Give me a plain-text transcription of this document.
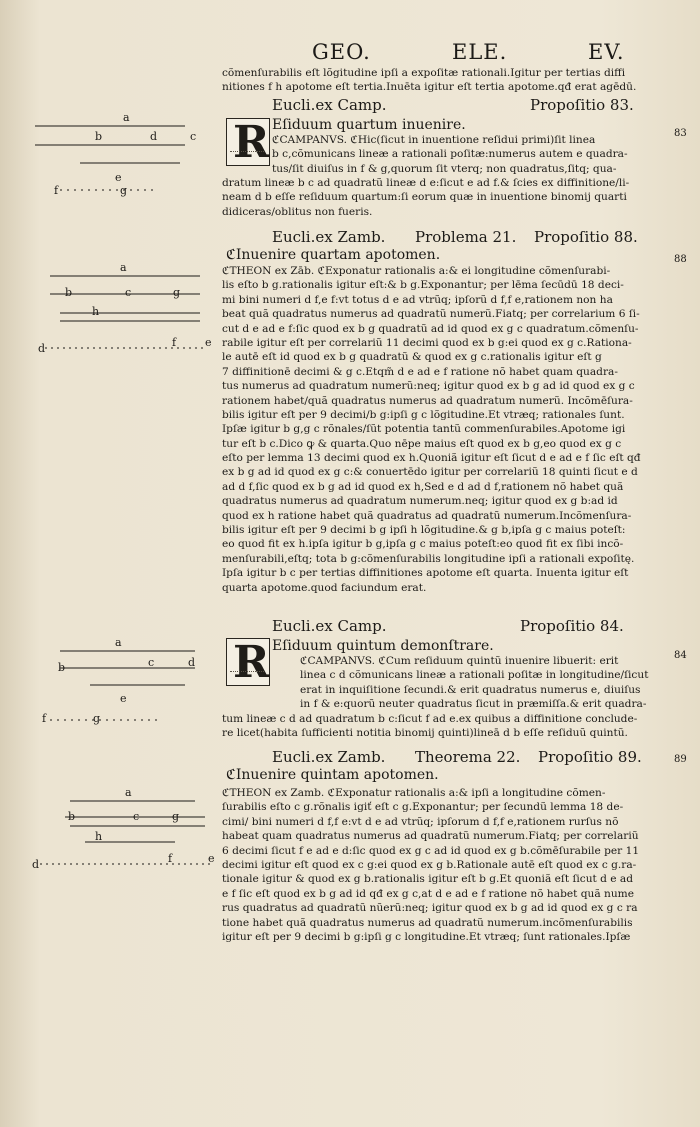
GEO.	ELE.	EV.
cõmenſurabilis eſt lõgitudine ipſi a expoſitæ rationali.Igitur per tertias diffi
nitiones f h apotome eſt tertia.Inuēta igitur eſt tertia apotome.qđ erat agēdū.
Eucli.ex Camp.	Propoſitio 83.
R Eſiduum quartum inuenire.
ℭCAMPANVS. ℭHic(ſicut in inuentione reſidui primi)ſit linea
b c,cõmunicans lineæ a rationali poſitæ:numerus autem e quadra-
tus/ſit diuiſus in f & g,quorum ſit vterq; non quadratus,ſitq; qua-
dratum lineæ b c ad quadratũ lineæ d e:ſicut e ad f.& ſcies ex diffinitione/li-
neam d b eſſe reſiduum quartum:ſi eorum quæ in inuentione binomij quarti
didiceras/oblitus non fueris.
83
Eucli.ex Zamb. Problema 21. Propoſitio 88.
88
ℭInuenire quartam apotomen.
ℭTHEON ex Zāb. ℭExponatur rationalis a:& ei longitudine cõmenſurabi-
lis eſto b g.rationalis igitur eſt:& b g.Exponantur; per lēma ſecūdū 18 deci-
mi bini numeri d f,e f:vt totus d e ad vtrũq; ipſorũ d f,f e,rationem non ha
beat quã quadratus numerus ad quadratũ numerũ.Fiatq; per correlarium 6 ſi-
cut d e ad e f:ſic quod ex b g quadratũ ad id quod ex g c quadratum.cõmenſu-
rabile igitur eſt per correlariũ 11 decimi quod ex b g:ei quod ex g c.Rationa-
le autē eſt id quod ex b g quadratũ & quod ex g c.rationalis igitur eſt g
7 diffinitionē decimi & g c.Etqm̃ d e ad e f ratione nõ habet quam quadra-
tus numerus ad quadratum numerũ:neq; igitur quod ex b g ad id quod ex g c
rationem habet/quã quadratus numerus ad quadratum numerũ. Incõmēſura-
bilis igitur eſt per 9 decimi/b g:ipſi g c lõgitudine.Et vtræq; rationales ſunt.
Ipſæ igitur b g,g c rõnales/ſũt potentia tantũ commenſurabiles.Apotome igi
tur eſt b c.Dico ꝙ & quarta.Quo nēpe maius eſt quod ex b g,eo quod ex g c
eſto per lemma 13 decimi quod ex h.Quoniã igitur eſt ſicut d e ad e f ſic eſt qđ
ex b g ad id quod ex g c:& conuertēdo igitur per correlariũ 18 quinti ſicut e d
ad d f,ſic quod ex b g ad id quod ex h,Sed e d ad d f,rationem nõ habet quã
quadratus numerus ad quadratum numerum.neq; igitur quod ex g b:ad id
quod ex h ratione habet quã quadratus ad quadratũ numerum.Incõmenſura-
bilis igitur eſt per 9 decimi b g ipſi h lõgitudine.& g b,ipſa g c maius poteſt:
eo quod fit ex h.ipſa igitur b g,ipſa g c maius poteſt:eo quod fit ex ſibi incõ-
menſurabili,eſtq; tota b g:cõmenſurabilis longitudine ipſi a rationali expoſitę.
Ipſa igitur b c per tertias diffinitiones apotome eſt quarta. Inuenta igitur eſt
quarta apotome.quod faciundum erat.
Eucli.ex Camp.	Propoſitio 84.
R Eſiduum quintum demonſtrare.
ℭCAMPANVS. ℭCum reſiduum quintũ inuenire libuerit: erit
linea c d cõmunicans lineæ a rationali poſitæ in longitudine/ſicut
erat in inquiſitione ſecundi.& erit quadratus numerus e, diuiſus
in f & e:quorũ neuter quadratus ſicut in præmiſſa.& erit quadra-
tum lineæ c d ad quadratum b c:ſicut f ad e.ex quibus a diffinitione conclude-
re licet(habita ſufficienti notitia binomij quinti)lineā d b eſſe reſiduũ quintũ.
84
Eucli.ex Zamb. Theorema 22. Propoſitio 89.	89
ℭInuenire quintam apotomen.
ℭTHEON ex Zamb. ℭExponatur rationalis a:& ipſi a longitudine cõmen-
ſurabilis eſto c g.rõnalis igiť eſt c g.Exponantur; per ſecundũ lemma 18 de-
cimi/ bini numeri d f,f e:vt d e ad vtrũq; ipſorum d f,f e,rationem rurſus nõ
habeat quam quadratus numerus ad quadratũ numerum.Fiatq; per correlariũ
6 decimi ſicut f e ad e d:ſic quod ex g c ad id quod ex g b.cõmēſurabile per 11
decimi igitur eſt quod ex c g:ei quod ex g b.Rationale autē eſt quod ex c g.ra-
tionale igitur & quod ex g b.rationalis igitur eſt b g.Et quoniã eſt ſicut d e ad
e f ſic eſt quod ex b g ad id qđ ex g c,at d e ad e f ratione nõ habet quã nume
rus quadratus ad quadratũ nũerũ:neq; igitur quod ex b g ad id quod ex g c ra
tione habet quã quadratus numerus ad quadratũ numerum.incõmenſurabilis
igitur eſt per 9 decimi b g:ipſi g c longitudine.Et vtræq; ſunt rationales.Ipſæ
a
b	d	c
e
f	g
a
b	c	g
h
d	f	e
a
b	c	d
e
f	g
a
b	c	g
h
d	f	e
